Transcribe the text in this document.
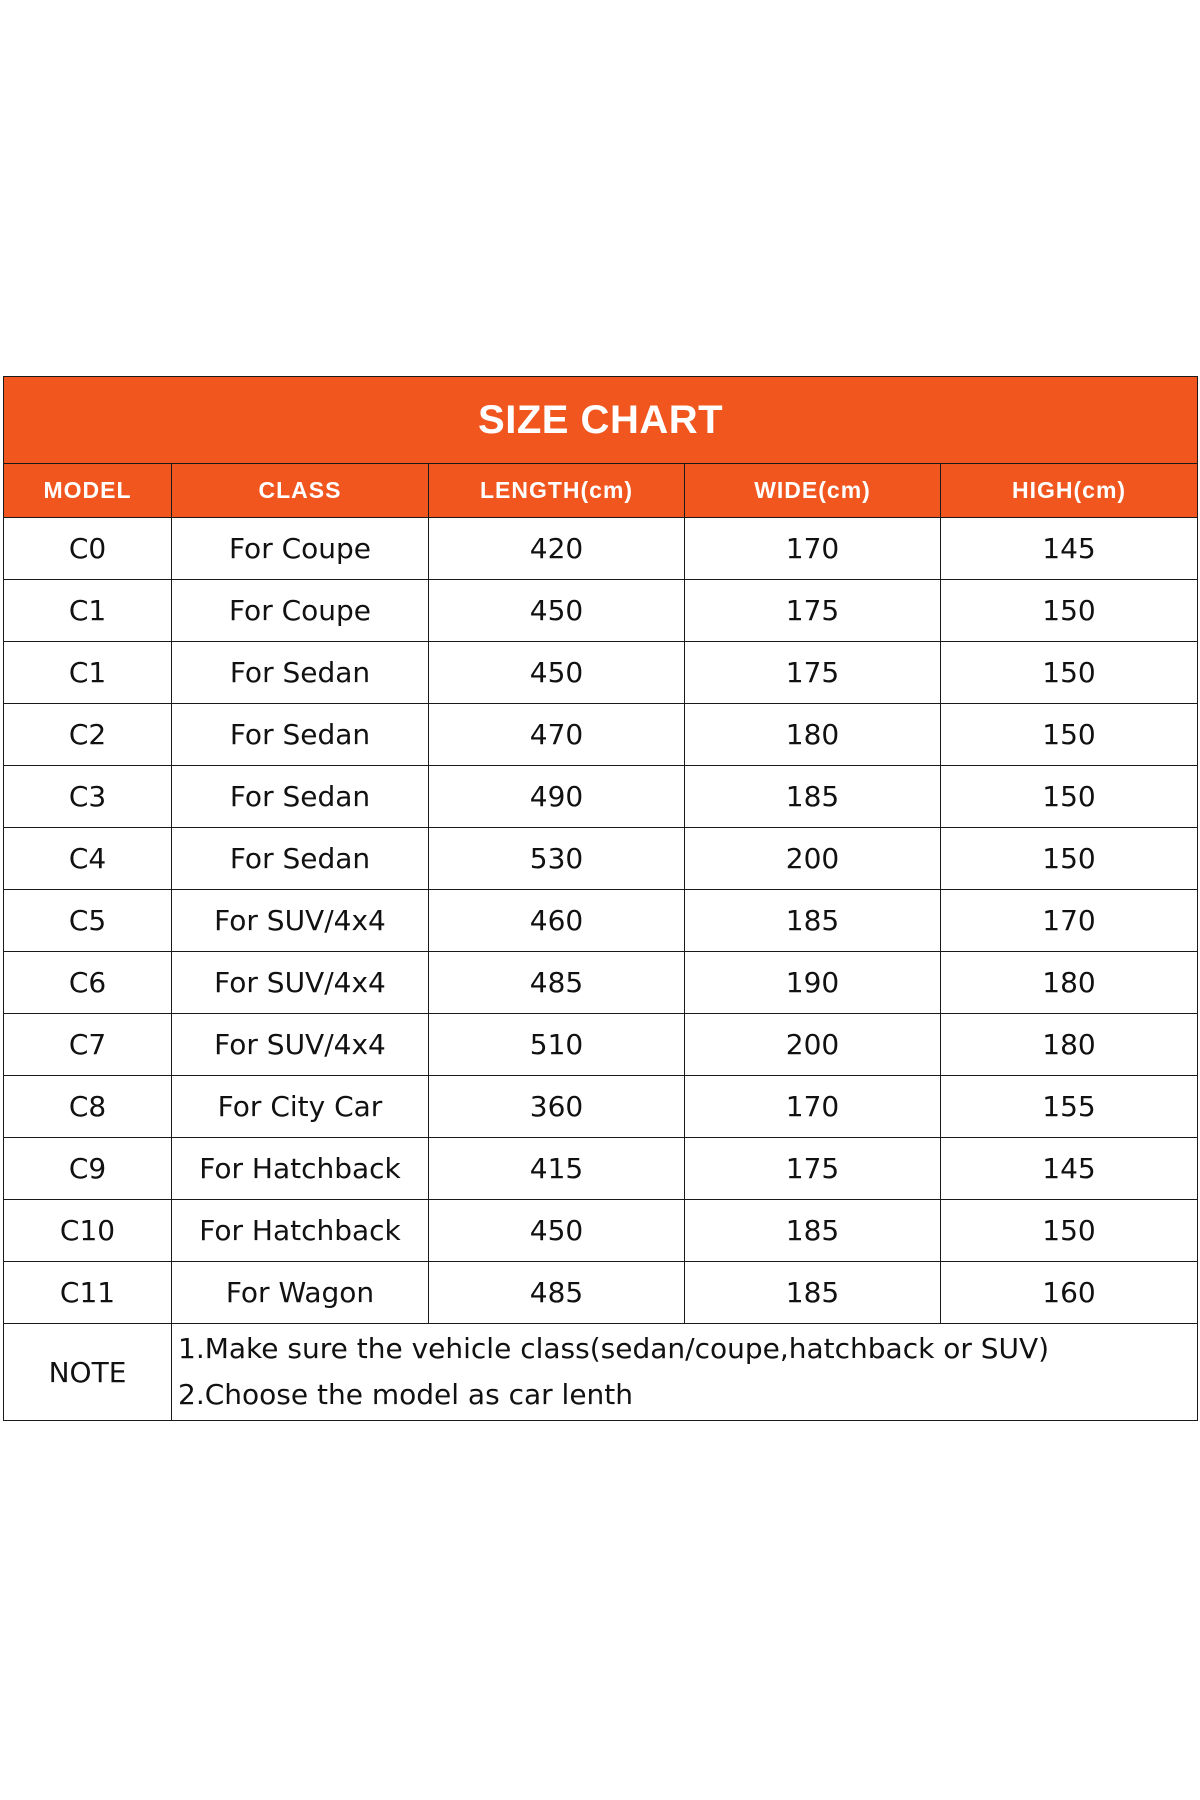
SIZE CHART				
MODEL	CLASS	LENGTH(cm)	WIDE(cm)	HIGH(cm)
C0	For Coupe	420	170	145
C1	For Coupe	450	175	150
C1	For Sedan	450	175	150
C2	For Sedan	470	180	150
C3	For Sedan	490	185	150
C4	For Sedan	530	200	150
C5	For SUV/4x4	460	185	170
C6	For SUV/4x4	485	190	180
C7	For SUV/4x4	510	200	180
C8	For City Car	360	170	155
C9	For Hatchback	415	175	145
C10	For Hatchback	450	185	150
C11	For Wagon	485	185	160
NOTE	1.Make sure the vehicle class(sedan/coupe,hatchback or SUV)
2.Choose the model as car lenth			
